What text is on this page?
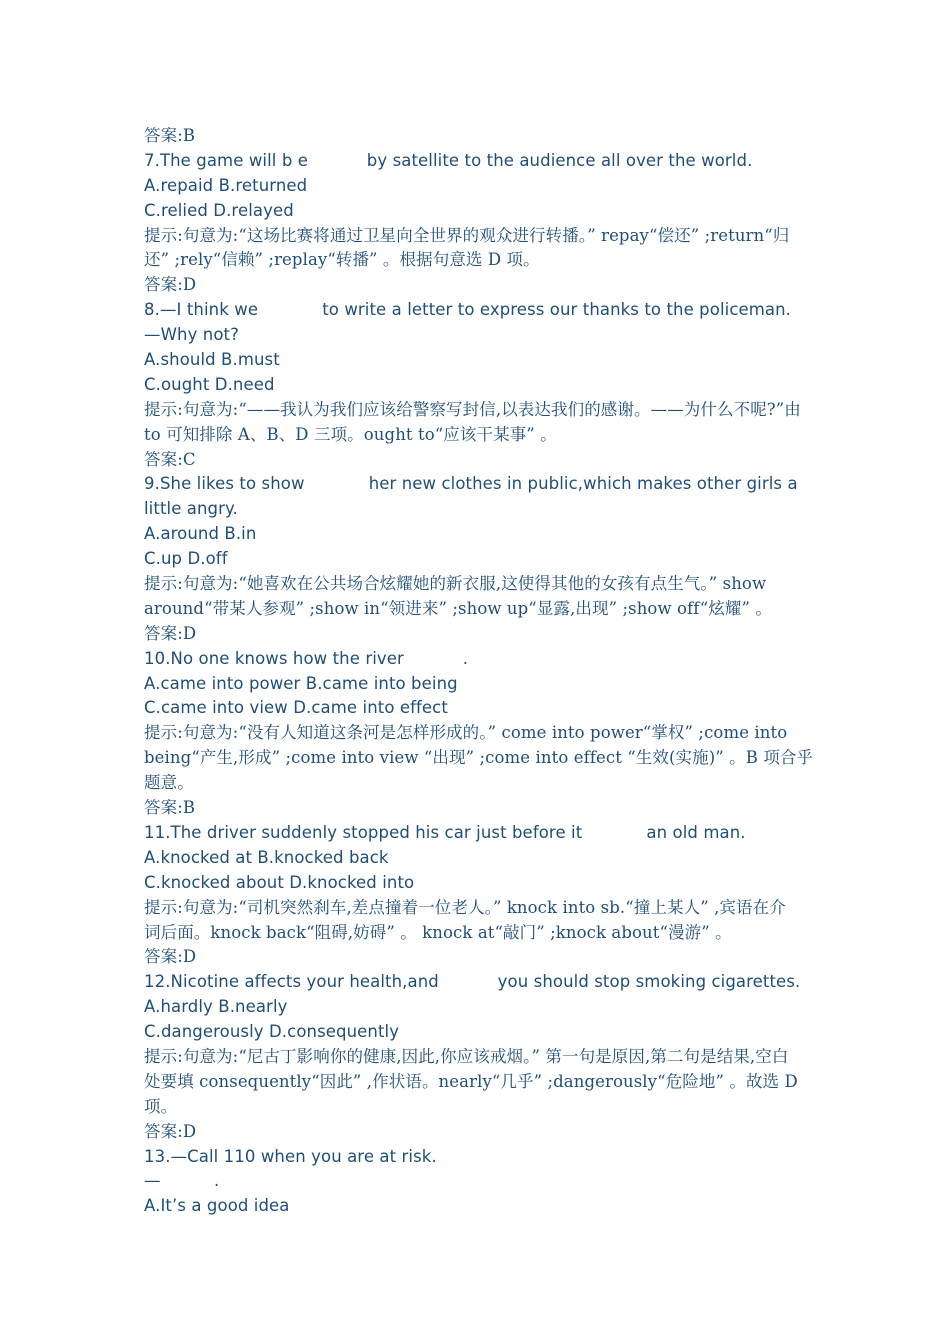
答案:B
7.The game will b e           by satellite to the audience all over the world.
A.repaid B.returned
C.relied D.relayed
提示:句意为:“这场比赛将通过卫星向全世界的观众进行转播。” repay“偿还” ;return“归
还” ;rely“信赖” ;replay“转播” 。根据句意选 D 项。
答案:D
8.—I think we            to write a letter to express our thanks to the policeman.
—Why not?
A.should B.must
C.ought D.need
提示:句意为:“——我认为我们应该给警察写封信,以表达我们的感谢。——为什么不呢?”由
to 可知排除 A、B、D 三项。ought to“应该干某事” 。
答案:C
9.She likes to show            her new clothes in public,which makes other girls a
little angry.
A.around B.in
C.up D.off
提示:句意为:“她喜欢在公共场合炫耀她的新衣服,这使得其他的女孩有点生气。” show
around“带某人参观” ;show in“领进来” ;show up“显露,出现” ;show off“炫耀” 。
答案:D
10.No one knows how the river           .
A.came into power B.came into being
C.came into view D.came into effect
提示:句意为:“没有人知道这条河是怎样形成的。” come into power“掌权” ;come into
being“产生,形成” ;come into view “出现” ;come into effect “生效(实施)” 。B 项合乎
题意。
答案:B
11.The driver suddenly stopped his car just before it            an old man.
A.knocked at B.knocked back
C.knocked about D.knocked into
提示:句意为:“司机突然刹车,差点撞着一位老人。” knock into sb.“撞上某人” ,宾语在介
词后面。knock back“阻碍,妨碍” 。 knock at“敲门” ;knock about“漫游” 。
答案:D
12.Nicotine affects your health,and           you should stop smoking cigarettes.
A.hardly B.nearly
C.dangerously D.consequently
提示:句意为:“尼古丁影响你的健康,因此,你应该戒烟。” 第一句是原因,第二句是结果,空白
处要填 consequently“因此” ,作状语。nearly“几乎” ;dangerously“危险地” 。故选 D
项。
答案:D
13.—Call 110 when you are at risk.
—          .
A.It’s a good idea
